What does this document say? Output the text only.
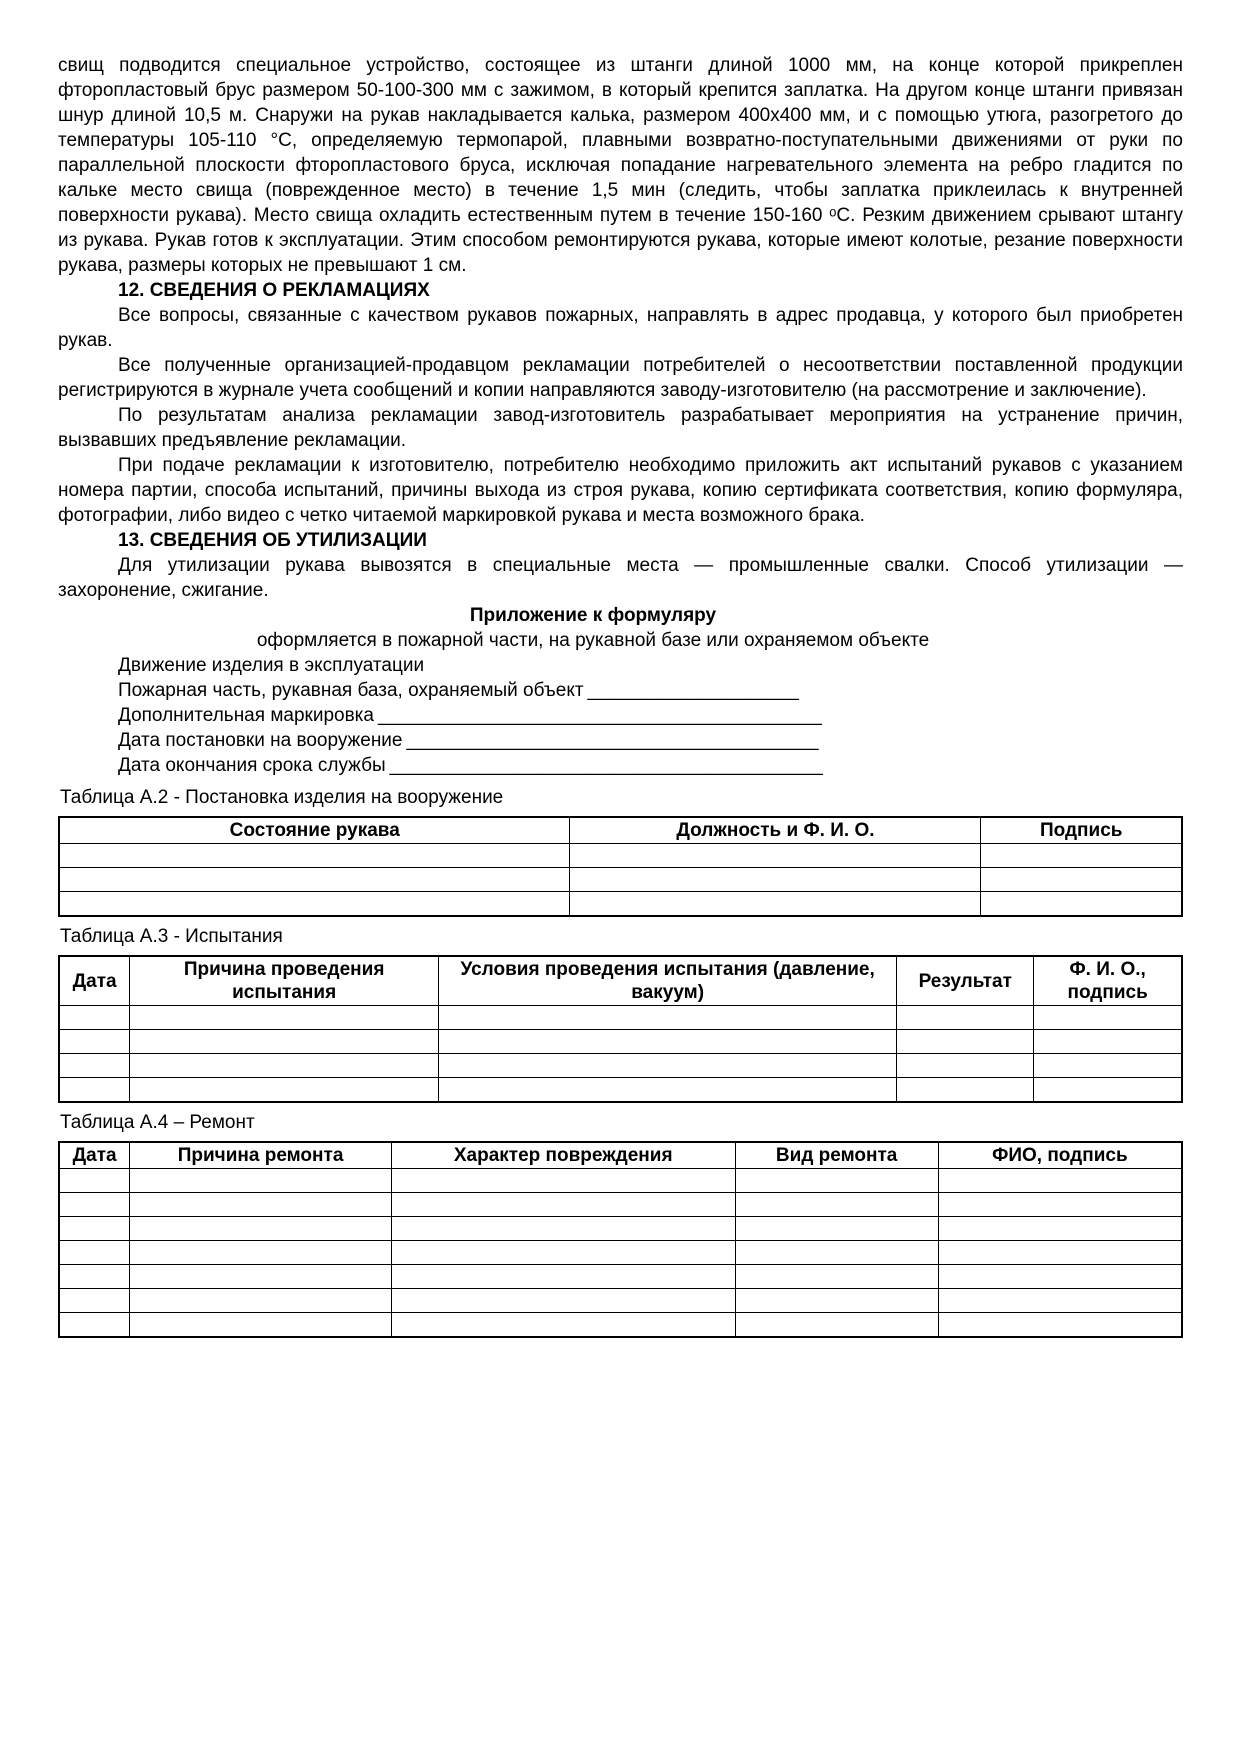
свищ подводится специальное устройство, состоящее из штанги длиной 1000 мм, на конце которой прикреплен фторопластовый брус размером 50-100-300 мм с зажимом, в который крепится заплатка. На другом конце штанги привязан шнур длиной 10,5 м. Снаружи на рукав накладывается калька, размером 400х400 мм, и с помощью утюга, разогретого до температуры 105-110 °С, определяемую термопарой, плавными возвратно-поступательными движениями от руки по параллельной плоскости фторопластового бруса, исключая попадание нагревательного элемента на ребро гладится по кальке место свища (поврежденное место) в течение 1,5 мин (следить, чтобы заплатка приклеилась к внутренней поверхности рукава). Место свища охладить естественным путем в течение 150-160 ᵒС. Резким движением срывают штангу из рукава. Рукав готов к эксплуатации. Этим способом ремонтируются рукава, которые имеют колотые, резание поверхности рукава, размеры которых не превышают 1 см.

12. СВЕДЕНИЯ О РЕКЛАМАЦИЯХ

Все вопросы, связанные с качеством рукавов пожарных, направлять в адрес продавца, у которого был приобретен рукав.

Все полученные организацией-продавцом рекламации потребителей о несоответствии поставленной продукции регистрируются в журнале учета сообщений и копии направляются заводу-изготовителю (на рассмотрение и заключение).

По результатам анализа рекламации завод-изготовитель разрабатывает мероприятия на устранение причин, вызвавших предъявление рекламации.

При подаче рекламации к изготовителю, потребителю необходимо приложить акт испытаний рукавов с указанием номера партии, способа испытаний, причины выхода из строя рукава, копию сертификата соответствия, копию формуляра, фотографии, либо видео с четко читаемой маркировкой рукава и места возможного брака.

13. СВЕДЕНИЯ ОБ УТИЛИЗАЦИИ

Для утилизации рукава вывозятся в специальные места — промышленные свалки. Способ утилизации — захоронение, сжигание.

Приложение к формуляру

оформляется в пожарной части, на рукавной базе или охраняемом объекте

Движение изделия в эксплуатации

Пожарная часть, рукавная база, охраняемый объект ____________________

Дополнительная маркировка __________________________________________

Дата постановки на вооружение _______________________________________

Дата окончания срока службы _________________________________________

Таблица А.2 - Постановка изделия на вооружение
Состояние рукава	Должность и Ф. И. О.	Подпись

Таблица А.3 - Испытания
Дата	Причина проведения испытания	Условия проведения испытания (давление, вакуум)	Результат	Ф. И. О., подпись

Таблица А.4 – Ремонт
Дата	Причина ремонта	Характер повреждения	Вид ремонта	ФИО, подпись
